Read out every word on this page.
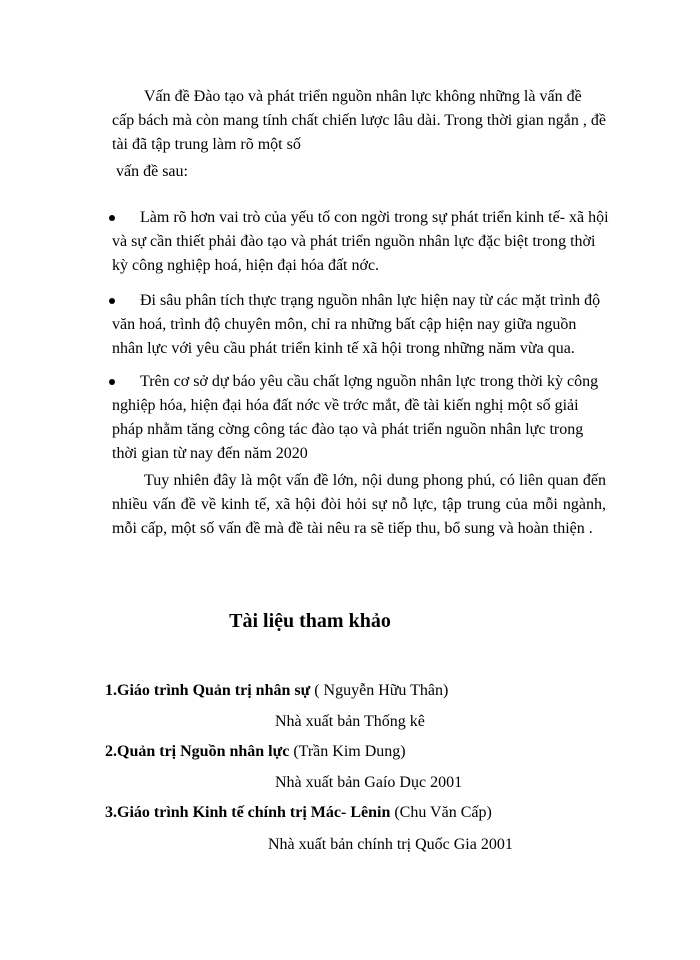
Vấn đề Đào tạo và phát triển nguồn nhân lực không những là vấn đề cấp bách mà còn mang tính chất chiến lược lâu dài. Trong thời gian ngắn , đề tài đã tập trung làm rõ một số

vấn đề sau:

Làm rõ hơn vai trò của yếu tố con ngời trong sự phát triển kinh tế- xã hội và sự cần thiết phải đào tạo và phát triển nguồn nhân lực đặc biệt trong thời kỳ công nghiệp hoá, hiện đại hóa đất nớc.

Đi sâu phân tích thực trạng nguồn nhân lực hiện nay từ các mặt trình độ văn hoá, trình độ chuyên môn, chỉ ra những bất cập hiện nay giữa nguồn nhân lực với yêu cầu phát triển kinh tế xã hội trong những năm vừa qua.

Trên cơ sở dự báo yêu cầu chất lợng nguồn nhân lực trong thời kỳ công nghiệp hóa, hiện đại hóa đất nớc về trớc mắt, đề tài kiến nghị một số giải pháp nhằm tăng cờng công tác đào tạo và phát triển nguồn nhân lực trong thời gian từ nay đến năm 2020

Tuy nhiên đây là một vấn đề lớn, nội dung phong phú, có liên quan đến nhiều vấn đề về kinh tế, xã hội đòi hỏi sự nỗ lực, tập trung của mỗi ngành, mỗi cấp, một số vấn đề mà đề tài nêu ra sẽ tiếp thu, bổ sung và hoàn thiện .

Tài liệu tham khảo

1.Giáo trình Quản trị nhân sự ( Nguyễn Hữu Thân)

Nhà xuất bản Thống kê

2.Quản trị Nguồn nhân lực (Trần Kim Dung)

Nhà xuất bản Gaío Dục 2001

3.Giáo trình Kinh tế chính trị Mác- Lênin (Chu Văn Cấp)

Nhà xuất bản chính trị Quốc Gia 2001
